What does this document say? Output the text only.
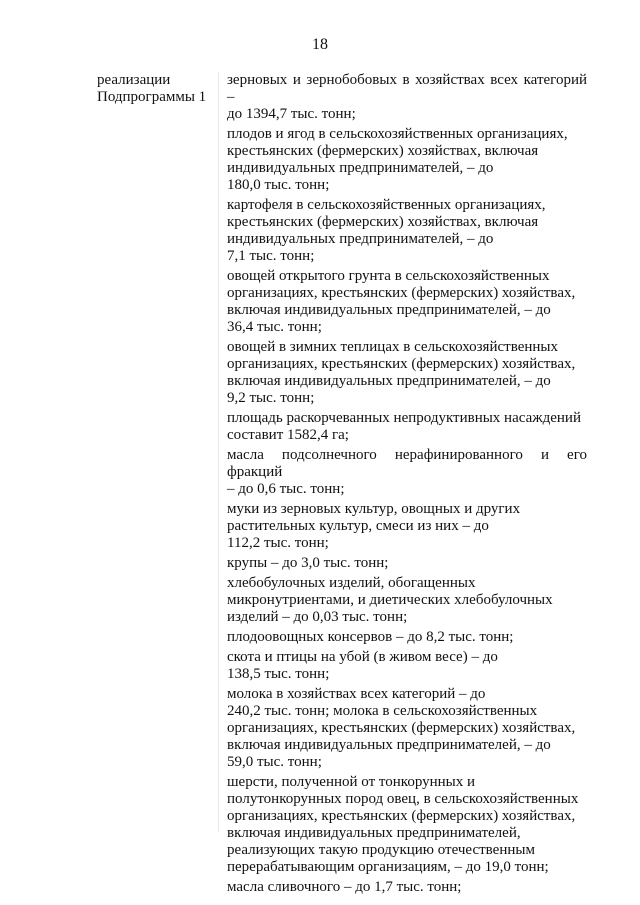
18
реализации
Подпрограммы 1
зерновых и зернобобовых в хозяйствах всех категорий –
до 1394,7 тыс. тонн;
плодов и ягод в сельскохозяйственных организациях,
крестьянских (фермерских) хозяйствах, включая
индивидуальных предпринимателей, – до
180,0 тыс. тонн;
картофеля в сельскохозяйственных организациях,
крестьянских (фермерских) хозяйствах, включая
индивидуальных предпринимателей, – до
7,1 тыс. тонн;
овощей открытого грунта в сельскохозяйственных
организациях, крестьянских (фермерских) хозяйствах,
включая индивидуальных предпринимателей, – до
36,4 тыс. тонн;
овощей в зимних теплицах в сельскохозяйственных
организациях, крестьянских (фермерских) хозяйствах,
включая индивидуальных предпринимателей, – до
9,2 тыс. тонн;
площадь раскорчеванных непродуктивных насаждений
составит 1582,4 га;
масла подсолнечного нерафинированного и его фракций
– до 0,6 тыс. тонн;
муки из зерновых культур, овощных и других
растительных культур, смеси из них – до
112,2 тыс. тонн;
крупы – до 3,0 тыс. тонн;
хлебобулочных изделий, обогащенных
микронутриентами, и диетических хлебобулочных
изделий – до 0,03 тыс. тонн;
плодоовощных консервов – до 8,2 тыс. тонн;
скота и птицы на убой (в живом весе) – до
138,5 тыс. тонн;
молока в хозяйствах всех категорий – до
240,2 тыс. тонн; молока в сельскохозяйственных
организациях, крестьянских (фермерских) хозяйствах,
включая индивидуальных предпринимателей, – до
59,0 тыс. тонн;
шерсти, полученной от тонкорунных и
полутонкорунных пород овец, в сельскохозяйственных
организациях, крестьянских (фермерских) хозяйствах,
включая индивидуальных предпринимателей,
реализующих такую продукцию отечественным
перерабатывающим организациям, – до 19,0 тонн;
масла сливочного – до 1,7 тыс. тонн;
